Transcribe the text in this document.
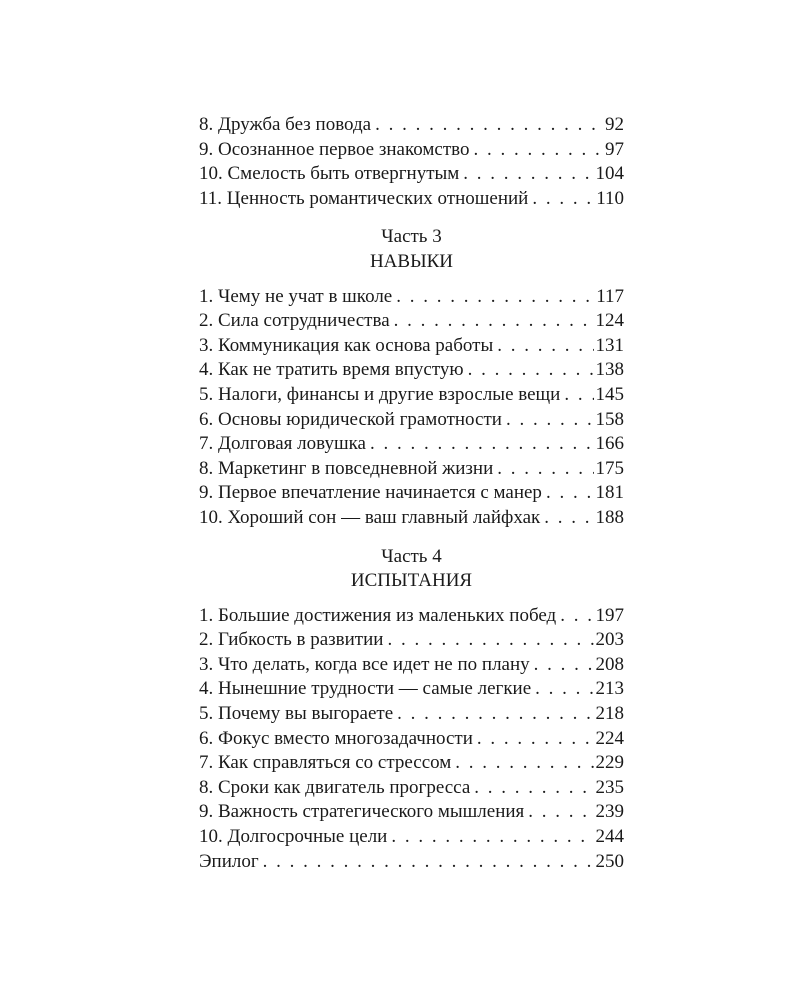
8. Дружба без повода . . .	92
9. Осознанное первое знакомство . . .	97
10. Смелость быть отвергнутым . . .	104
11. Ценность романтических отношений . . .	110
Часть 3
НАВЫКИ
1. Чему не учат в школе . . .	117
2. Сила сотрудничества . . .	124
3. Коммуникация как основа работы . . .	131
4. Как не тратить время впустую . . .	138
5. Налоги, финансы и другие взрослые вещи . . . 145
6. Основы юридической грамотности . . .	158
7. Долговая ловушка . . .	166
8. Маркетинг в повседневной жизни . . .	175
9. Первое впечатление начинается с манер . . .	181
10. Хороший сон — ваш главный лайфхак . . .	188
Часть 4
ИСПЫТАНИЯ
1. Большие достижения из маленьких побед . . . 197
2. Гибкость в развитии . . .	203
3. Что делать, когда все идет не по плану . . .	208
4. Нынешние трудности — самые легкие . . .	213
5. Почему вы выгораете . . .	218
6. Фокус вместо многозадачности . . .	224
7. Как справляться со стрессом . . .	229
8. Сроки как двигатель прогресса . . .	235
9. Важность стратегического мышления . . .	239
10. Долгосрочные цели . . .	244
Эпилог . . .	250
